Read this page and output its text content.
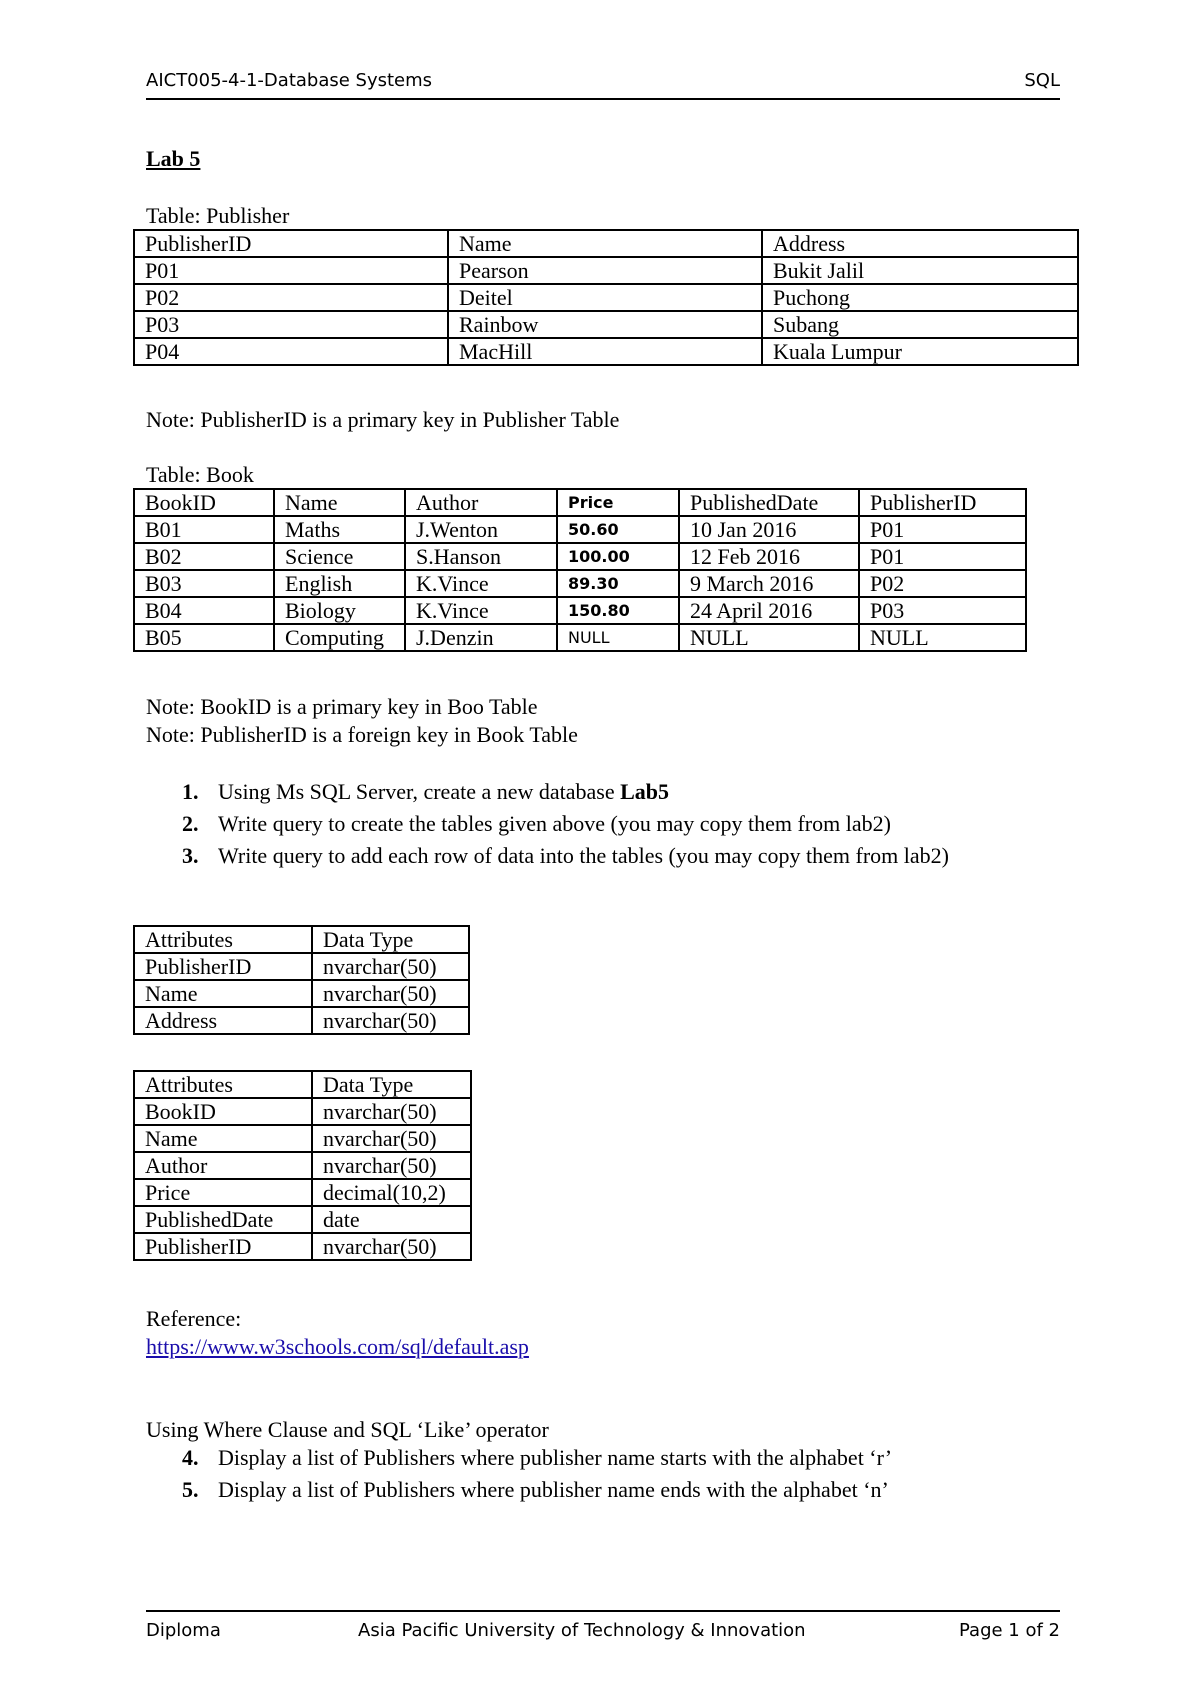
AICT005-4-1-Database Systems	SQL
Lab 5
Table: Publisher
PublisherID	Name	Address
P01	Pearson	Bukit Jalil
P02	Deitel	Puchong
P03	Rainbow	Subang
P04	MacHill	Kuala Lumpur
Note: PublisherID is a primary key in Publisher Table
Table: Book
BookID	Name	Author	Price	PublishedDate	PublisherID
B01	Maths	J.Wenton	50.60	10 Jan 2016	P01
B02	Science	S.Hanson	100.00	12 Feb 2016	P01
B03	English	K.Vince	89.30	9 March 2016	P02
B04	Biology	K.Vince	150.80	24 April 2016	P03
B05	Computing	J.Denzin	NULL	NULL	NULL
Note: BookID is a primary key in Boo Table
Note: PublisherID is a foreign key in Book Table
1. Using Ms SQL Server, create a new database Lab5
2. Write query to create the tables given above (you may copy them from lab2)
3. Write query to add each row of data into the tables (you may copy them from lab2)
Attributes	Data Type
PublisherID	nvarchar(50)
Name	nvarchar(50)
Address	nvarchar(50)
Attributes	Data Type
BookID	nvarchar(50)
Name	nvarchar(50)
Author	nvarchar(50)
Price	decimal(10,2)
PublishedDate	date
PublisherID	nvarchar(50)
Reference:
https://www.w3schools.com/sql/default.asp
Using Where Clause and SQL ‘Like’ operator
4. Display a list of Publishers where publisher name starts with the alphabet ‘r’
5. Display a list of Publishers where publisher name ends with the alphabet ‘n’
Diploma	Asia Pacific University of Technology & Innovation	Page 1 of 2
